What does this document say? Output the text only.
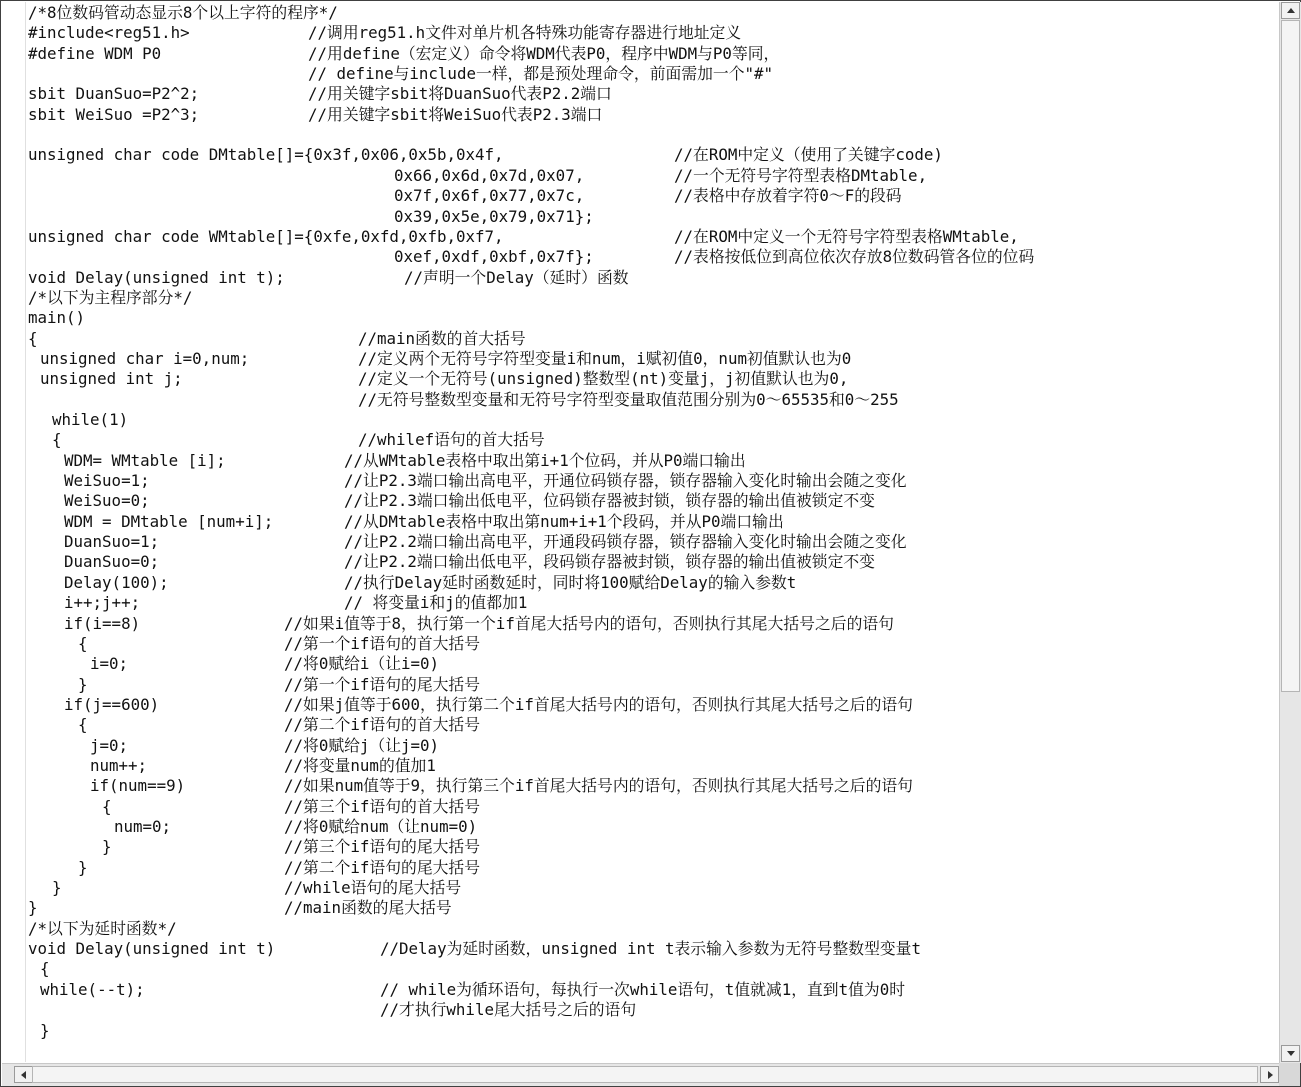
/*8位数码管动态显示8个以上字符的程序*/
#include<reg51.h>	//调用reg51.h文件对单片机各特殊功能寄存器进行地址定义
#define WDM P0	//用define（宏定义）命令将WDM代表P0，程序中WDM与P0等同，
// define与include一样，都是预处理命令，前面需加一个"#"
sbit DuanSuo=P2^2;	//用关键字sbit将DuanSuo代表P2.2端口
sbit WeiSuo =P2^3;	//用关键字sbit将WeiSuo代表P2.3端口
unsigned char code DMtable[]={0x3f,0x06,0x5b,0x4f,	//在ROM中定义（使用了关键字code)
0x66,0x6d,0x7d,0x07,	//一个无符号字符型表格DMtable,
0x7f,0x6f,0x77,0x7c,	//表格中存放着字符0～F的段码
0x39,0x5e,0x79,0x71};
unsigned char code WMtable[]={0xfe,0xfd,0xfb,0xf7,	//在ROM中定义一个无符号字符型表格WMtable,
0xef,0xdf,0xbf,0x7f};	//表格按低位到高位依次存放8位数码管各位的位码
void Delay(unsigned int t);	//声明一个Delay（延时）函数
/*以下为主程序部分*/
main()
{	//main函数的首大括号
unsigned char i=0,num;	//定义两个无符号字符型变量i和num，i赋初值0，num初值默认也为0
unsigned int j;	//定义一个无符号(unsigned)整数型(nt)变量j，j初值默认也为0,
//无符号整数型变量和无符号字符型变量取值范围分别为0～65535和0～255
while(1)
{	//whilef语句的首大括号
WDM= WMtable [i];	//从WMtable表格中取出第i+1个位码，并从P0端口输出
WeiSuo=1;	//让P2.3端口输出高电平，开通位码锁存器，锁存器输入变化时输出会随之变化
WeiSuo=0;	//让P2.3端口输出低电平，位码锁存器被封锁，锁存器的输出值被锁定不变
WDM = DMtable [num+i];	//从DMtable表格中取出第num+i+1个段码，并从P0端口输出
DuanSuo=1;	//让P2.2端口输出高电平，开通段码锁存器，锁存器输入变化时输出会随之变化
DuanSuo=0;	//让P2.2端口输出低电平，段码锁存器被封锁，锁存器的输出值被锁定不变
Delay(100);	//执行Delay延时函数延时，同时将100赋给Delay的输入参数t
i++;j++;	// 将变量i和j的值都加1
if(i==8)	//如果i值等于8，执行第一个if首尾大括号内的语句，否则执行其尾大括号之后的语句
{	//第一个if语句的首大括号
i=0;	//将0赋给i（让i=0)
}	//第一个if语句的尾大括号
if(j==600)	//如果j值等于600，执行第二个if首尾大括号内的语句，否则执行其尾大括号之后的语句
{	//第二个if语句的首大括号
j=0;	//将0赋给j（让j=0)
num++;	//将变量num的值加1
if(num==9)	//如果num值等于9，执行第三个if首尾大括号内的语句，否则执行其尾大括号之后的语句
{	//第三个if语句的首大括号
num=0;	//将0赋给num（让num=0)
}	//第三个if语句的尾大括号
}	//第二个if语句的尾大括号
}	//while语句的尾大括号
}	//main函数的尾大括号
/*以下为延时函数*/
void Delay(unsigned int t)	//Delay为延时函数，unsigned int t表示输入参数为无符号整数型变量t
{
while(--t);	// while为循环语句，每执行一次while语句，t值就减1，直到t值为0时
//才执行while尾大括号之后的语句
}
